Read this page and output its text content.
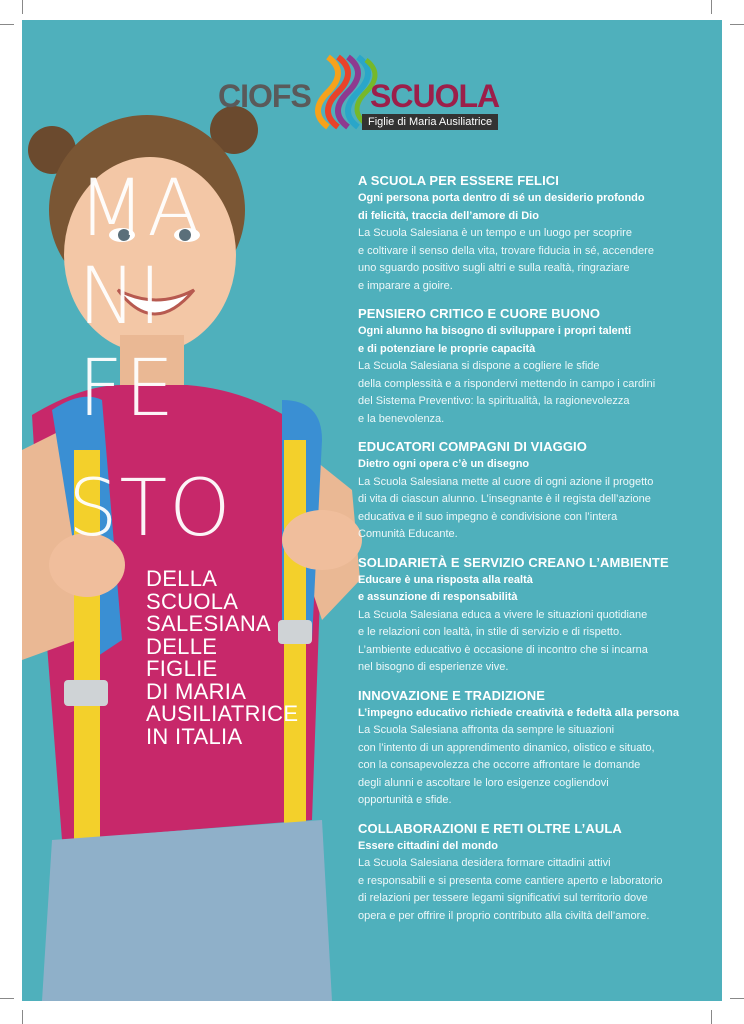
CIOFS SCUOLA
Figlie di Maria Ausiliatrice
MA
NI
FE
STO
DELLA
SCUOLA
SALESIANA
DELLE
FIGLIE
DI MARIA
AUSILIATRICE
IN ITALIA
A SCUOLA PER ESSERE FELICI
Ogni persona porta dentro di sé un desiderio profondo
di felicità, traccia dell’amore di Dio
La Scuola Salesiana è un tempo e un luogo per scoprire
e coltivare il senso della vita, trovare fiducia in sé, accendere
uno sguardo positivo sugli altri e sulla realtà, ringraziare
e imparare a gioire.
PENSIERO CRITICO E CUORE BUONO
Ogni alunno ha bisogno di sviluppare i propri talenti
e di potenziare le proprie capacità
La Scuola Salesiana si dispone a cogliere le sfide
della complessità e a rispondervi mettendo in campo i cardini
del Sistema Preventivo: la spiritualità, la ragionevolezza
e la benevolenza.
EDUCATORI COMPAGNI DI VIAGGIO
Dietro ogni opera c’è un disegno
La Scuola Salesiana mette al cuore di ogni azione il progetto
di vita di ciascun alunno. L’insegnante è il regista dell’azione
educativa e il suo impegno è condivisione con l’intera
Comunità Educante.
SOLIDARIETÀ E SERVIZIO CREANO L’AMBIENTE
Educare è una risposta alla realtà
e assunzione di responsabilità
La Scuola Salesiana educa a vivere le situazioni quotidiane
e le relazioni con lealtà, in stile di servizio e di rispetto.
L’ambiente educativo è occasione di incontro che si incarna
nel bisogno di esperienze vive.
INNOVAZIONE E TRADIZIONE
L’impegno educativo richiede creatività e fedeltà alla persona
La Scuola Salesiana affronta da sempre le situazioni
con l’intento di un apprendimento dinamico, olistico e situato,
con la consapevolezza che occorre affrontare le domande
degli alunni e ascoltare le loro esigenze cogliendovi
opportunità e sfide.
COLLABORAZIONI E RETI OLTRE L’AULA
Essere cittadini del mondo
La Scuola Salesiana desidera formare cittadini attivi
e responsabili e si presenta come cantiere aperto e laboratorio
di relazioni per tessere legami significativi sul territorio dove
opera e per offrire il proprio contributo alla civiltà dell’amore.
